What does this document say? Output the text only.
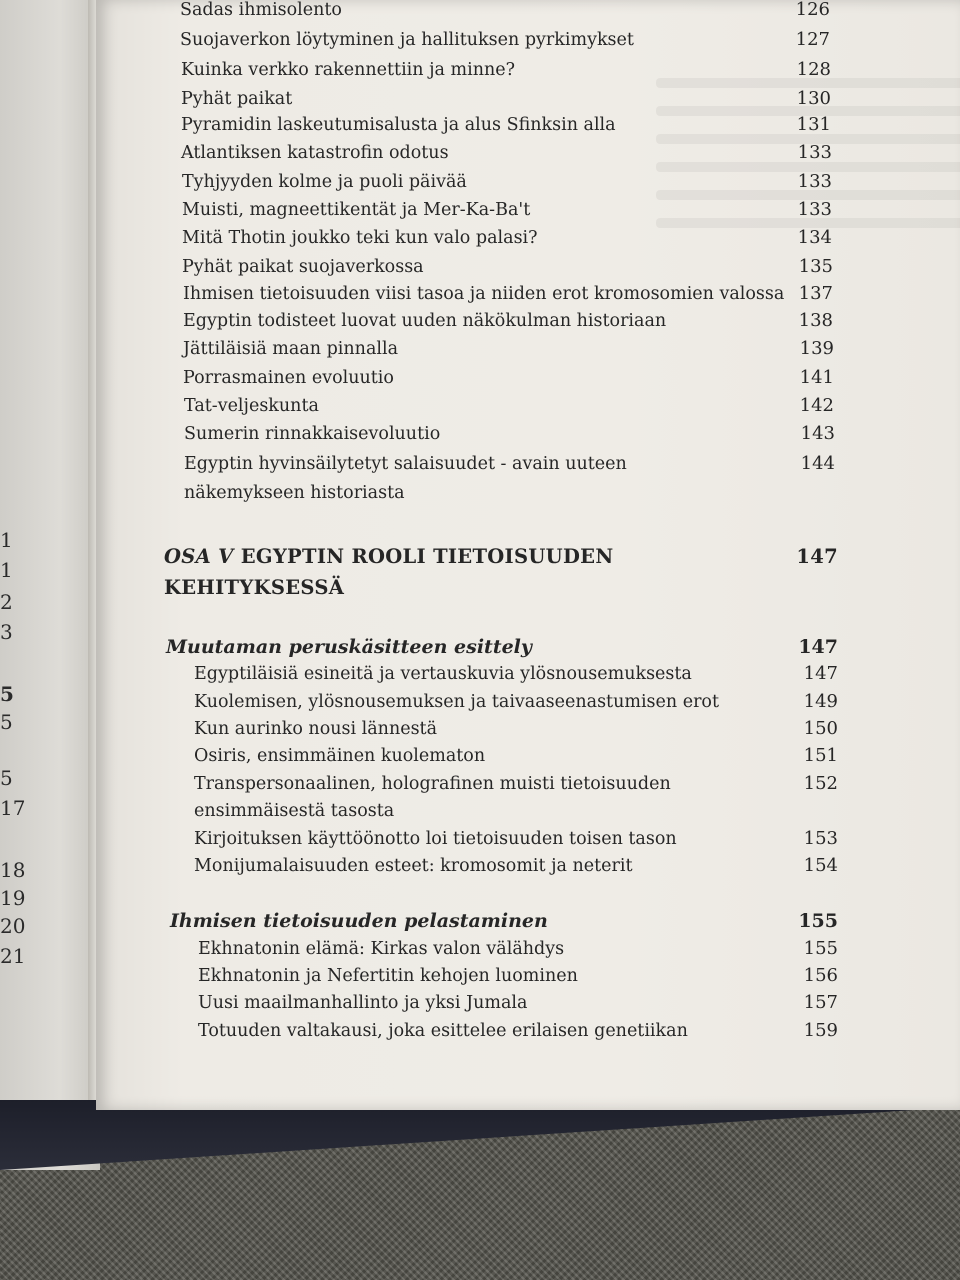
1
1
2
3
5
5
5
17
18
19
20
21
Sadas ihmisolento	126
Suojaverkon löytyminen ja hallituksen pyrkimykset	127
Kuinka verkko rakennettiin ja minne?	128
Pyhät paikat	130
Pyramidin laskeutumisalusta ja alus Sfinksin alla	131
Atlantiksen katastrofin odotus	133
Tyhjyyden kolme ja puoli päivää	133
Muisti, magneettikentät ja Mer-Ka-Ba't	133
Mitä Thotin joukko teki kun valo palasi?	134
Pyhät paikat suojaverkossa	135
Ihmisen tietoisuuden viisi tasoa ja niiden erot kromosomien valossa 137
Egyptin todisteet luovat uuden näkökulman historiaan	138
Jättiläisiä maan pinnalla	139
Porrasmainen evoluutio	141
Tat-veljeskunta	142
Sumerin rinnakkaisevoluutio	143
Egyptin hyvinsäilytetyt salaisuudet - avain uuteen	144
näkemykseen historiasta
OSA V EGYPTIN ROOLI TIETOISUUDEN	147
KEHITYKSESSÄ
Muutaman peruskäsitteen esittely	147
Egyptiläisiä esineitä ja vertauskuvia ylösnousemuksesta	147
Kuolemisen, ylösnousemuksen ja taivaaseenastumisen erot	149
Kun aurinko nousi lännestä	150
Osiris, ensimmäinen kuolematon	151
Transpersonaalinen, holografinen muisti tietoisuuden	152
ensimmäisestä tasosta
Kirjoituksen käyttöönotto loi tietoisuuden toisen tason	153
Monijumalaisuuden esteet: kromosomit ja neterit	154
Ihmisen tietoisuuden pelastaminen	155
Ekhnatonin elämä: Kirkas valon välähdys	155
Ekhnatonin ja Nefertitin kehojen luominen	156
Uusi maailmanhallinto ja yksi Jumala	157
Totuuden valtakausi, joka esittelee erilaisen genetiikan	159
